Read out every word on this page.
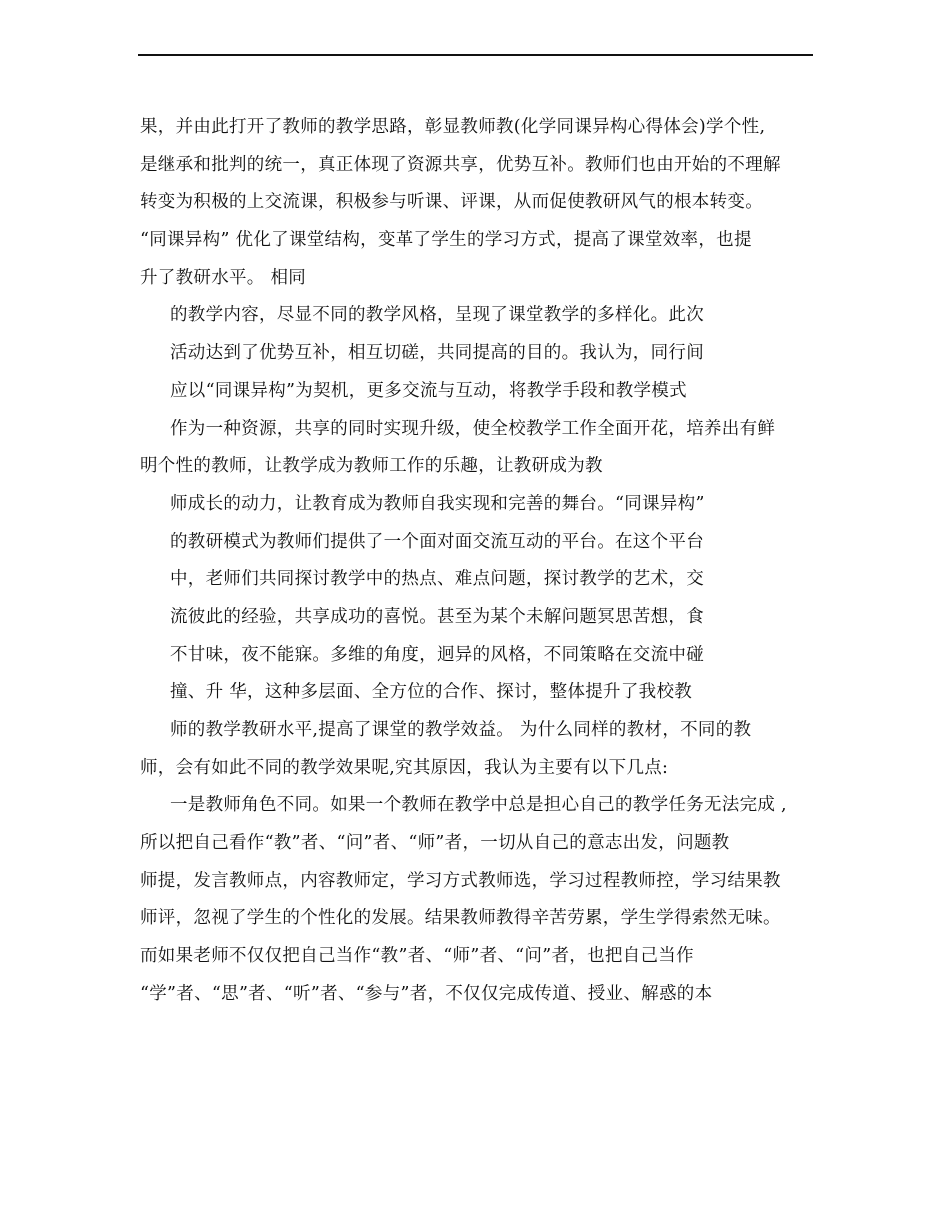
果，并由此打开了教师的教学思路，彰显教师教(化学同课异构心得体会)学个性,
是继承和批判的统一，真正体现了资源共享，优势互补。教师们也由开始的不理解
转变为积极的上交流课，积极参与听课、评课，从而促使教研风气的根本转变。
“同课异构” 优化了课堂结构，变革了学生的学习方式，提高了课堂效率，也提
升了教研水平。 相同
的教学内容，尽显不同的教学风格，呈现了课堂教学的多样化。此次
活动达到了优势互补，相互切磋，共同提高的目的。我认为，同行间
应以“同课异构”为契机，更多交流与互动，将教学手段和教学模式
作为一种资源，共享的同时实现升级，使全校教学工作全面开花，培养出有鲜
明个性的教师，让教学成为教师工作的乐趣，让教研成为教
师成长的动力，让教育成为教师自我实现和完善的舞台。“同课异构”
的教研模式为教师们提供了一个面对面交流互动的平台。在这个平台
中，老师们共同探讨教学中的热点、难点问题，探讨教学的艺术，交
流彼此的经验，共享成功的喜悦。甚至为某个未解问题冥思苦想，食
不甘味，夜不能寐。多维的角度，迥异的风格，不同策略在交流中碰
撞、升 华，这种多层面、全方位的合作、探讨，整体提升了我校教
师的教学教研水平,提高了课堂的教学效益。 为什么同样的教材，不同的教
师，会有如此不同的教学效果呢,究其原因，我认为主要有以下几点:
一是教师角色不同。如果一个教师在教学中总是担心自己的教学任务无法完成 ,
所以把自己看作“教”者、“问”者、“师”者，一切从自己的意志出发，问题教
师提，发言教师点，内容教师定，学习方式教师选，学习过程教师控，学习结果教
师评，忽视了学生的个性化的发展。结果教师教得辛苦劳累，学生学得索然无味。
而如果老师不仅仅把自己当作“教”者、“师”者、“问”者，也把自己当作
“学”者、“思”者、“听”者、“参与”者，不仅仅完成传道、授业、解惑的本
